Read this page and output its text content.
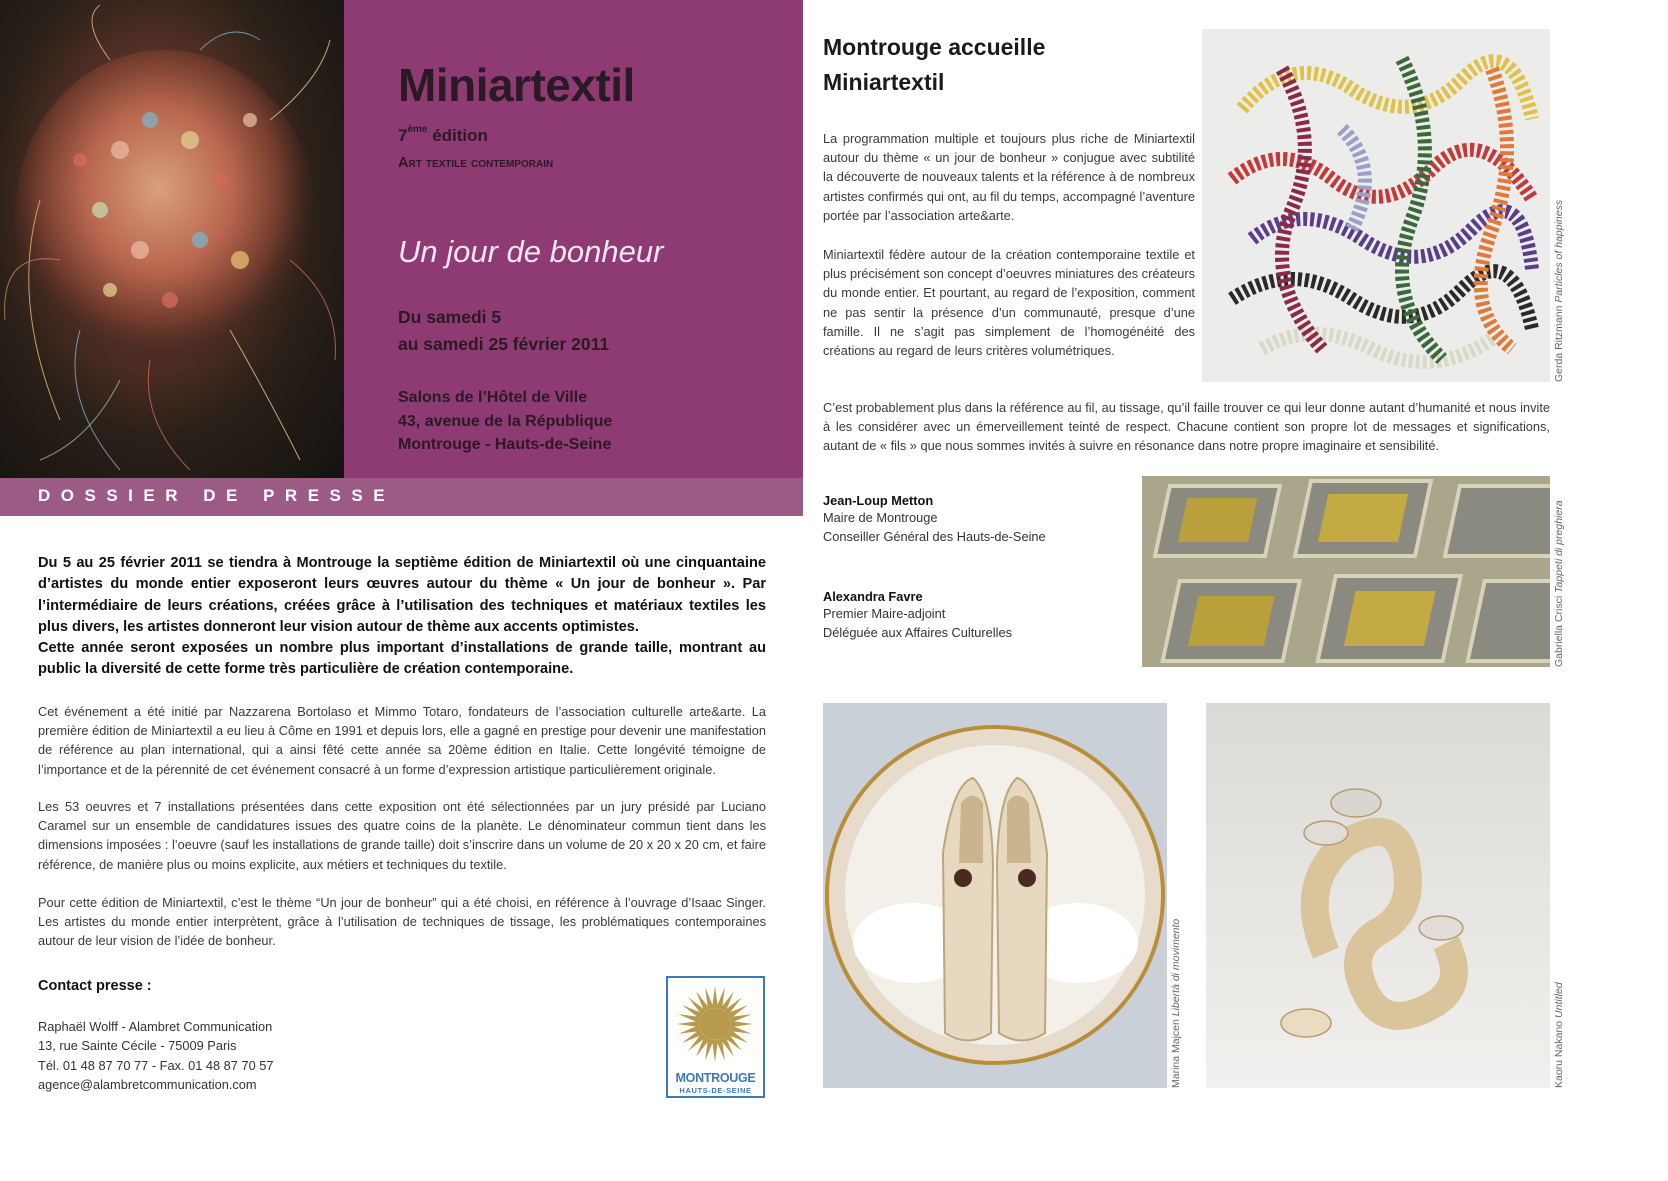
Miniartextil
7ème édition
Art textile contemporain
Un jour de bonheur
Du samedi 5
au samedi 25 février 2011
Salons de l’Hôtel de Ville
43, avenue de la République
Montrouge - Hauts-de-Seine
DOSSIER DE PRESSE
Du 5 au 25 février 2011 se tiendra à Montrouge la septième édition de Miniartextil où une cinquantaine d’artistes du monde entier exposeront leurs œuvres autour du thème « Un jour de bonheur ». Par l’intermédiaire de leurs créations, créées grâce à l’utilisation des techniques et matériaux textiles les plus divers, les artistes donneront leur vision autour de thème aux accents optimistes.
Cette année seront exposées un nombre plus important d’installations de grande taille, montrant au public la diversité de cette forme très particulière de création contemporaine.
Cet événement a été initié par Nazzarena Bortolaso et Mimmo Totaro, fondateurs de l’association culturelle arte&arte. La première édition de Miniartextil a eu lieu à Côme en 1991 et depuis lors, elle a gagné en prestige pour devenir une manifestation de référence au plan international, qui a ainsi fêté cette année sa 20ème édition en Italie. Cette longévité témoigne de l’importance et de la pérennité de cet événement consacré à un forme d’expression artistique particulièrement originale.
Les 53 oeuvres et 7 installations présentées dans cette exposition ont été sélectionnées par un jury présidé par Luciano Caramel sur un ensemble de candidatures issues des quatre coins de la planète. Le dénominateur commun tient dans les dimensions imposées : l’oeuvre (sauf les installations de grande taille) doit s’inscrire dans un volume de 20 x 20 x 20 cm, et faire référence, de manière plus ou moins explicite, aux métiers et techniques du textile.
Pour cette édition de Miniartextil, c’est le thème “Un jour de bonheur” qui a été choisi, en référence à l’ouvrage d’Isaac Singer. Les artistes du monde entier interprètent, grâce à l’utilisation de techniques de tissage, les problématiques contemporaines autour de leur vision de l’idée de bonheur.
Contact presse :
Raphaël Wolff - Alambret Communication
13, rue Sainte Cécile - 75009 Paris
Tél. 01 48 87 70 77 - Fax. 01 48 87 70 57
agence@alambretcommunication.com	MONTROUGE
HAUTS-DE-SEINE
Montrouge accueille
Miniartextil
La programmation multiple et toujours plus riche de Miniartextil autour du thème « un jour de bonheur » conjugue avec subtilité la découverte de nouveaux talents et la référence à de nombreux artistes confirmés qui ont, au fil du temps, accompagné l’aventure portée par l’association arte&arte.
Miniartextil fédère autour de la création contemporaine textile et plus précisément son concept d’oeuvres miniatures des créateurs du monde entier. Et pourtant, au regard de l’exposition, comment ne pas sentir la présence d’un communauté, presque d’une famille. Il ne s’agit pas simplement de l’homogénéité des créations au regard de leurs critères volumétriques.
C’est probablement plus dans la référence au fil, au tissage, qu’il faille trouver ce qui leur donne autant d’humanité et nous invite à les considérer avec un émerveillement teinté de respect. Chacune contient son propre lot de messages et significations, autant de « fils » que nous sommes invités à suivre en résonance dans notre propre imaginaire et sensibilité.
Gerda Ritzmann Particles of happiness
Jean-Loup Metton
Maire de Montrouge
Conseiller Général des Hauts-de-Seine
Alexandra Favre
Premier Maire-adjoint
Déléguée aux Affaires Culturelles	Gabriella Crisci Tappeti di preghiera
Marina Majcen Libertà di movimento
Kaoru Nakano Untitled
